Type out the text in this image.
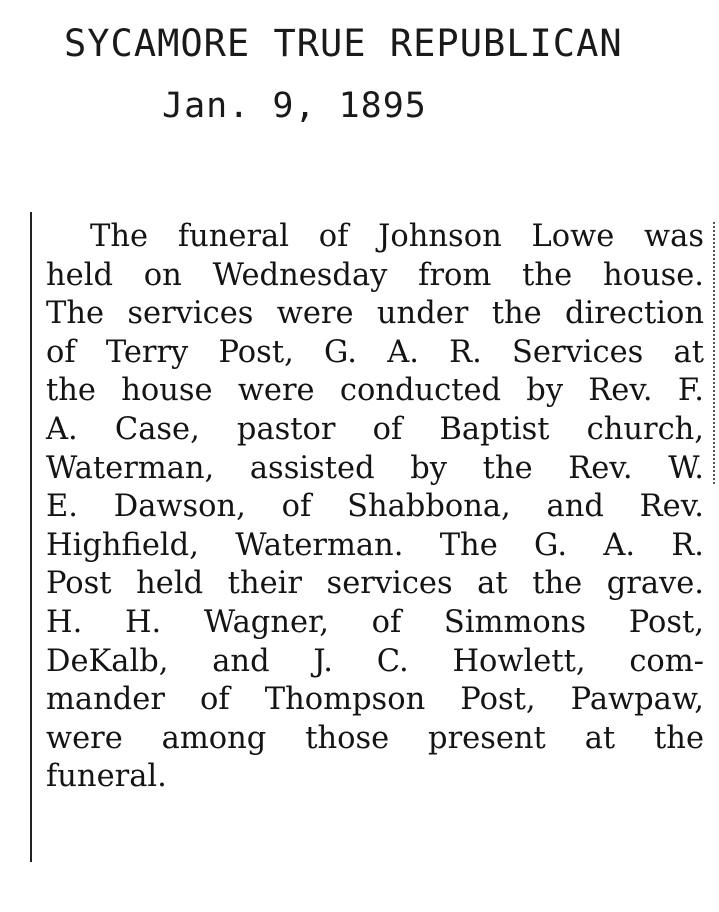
SYCAMORE TRUE REPUBLICAN
Jan. 9, 1895
The funeral of Johnson Lowe was
held on Wednesday from the house.
The services were under the direction
of Terry Post, G. A. R. Services at
the house were conducted by Rev. F.
A. Case, pastor of Baptist church,
Waterman, assisted by the Rev. W.
E. Dawson, of Shabbona, and Rev.
Highfield, Waterman. The G. A. R.
Post held their services at the grave.
H. H. Wagner, of Simmons Post,
DeKalb, and J. C. Howlett, com-
mander of Thompson Post, Pawpaw,
were among those present at the
funeral.
